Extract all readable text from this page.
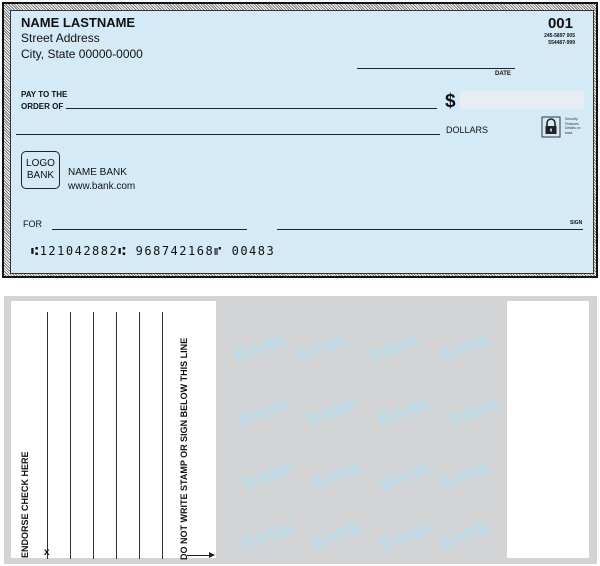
NAME LASTNAME
Street Address
City, State 00000-0000
001
245-5897 005
554487-999
DATE
PAY TO THE
ORDER OF	$
DOLLARS
Security
Features
Details on
back
LOGO
BANK	NAME BANK
www.bank.com
FOR	SIGN
⑆121042882⑆ 968742168⑈ 00483
ENDORSE CHECK HERE x	DO NOT WRITE STAMP OR SIGN BELOW THIS LINE BANK BANK BANK BANK
BANK BANK BANK BANK
BANK BANK BANK BANK
BANK BANK BANK BANK
